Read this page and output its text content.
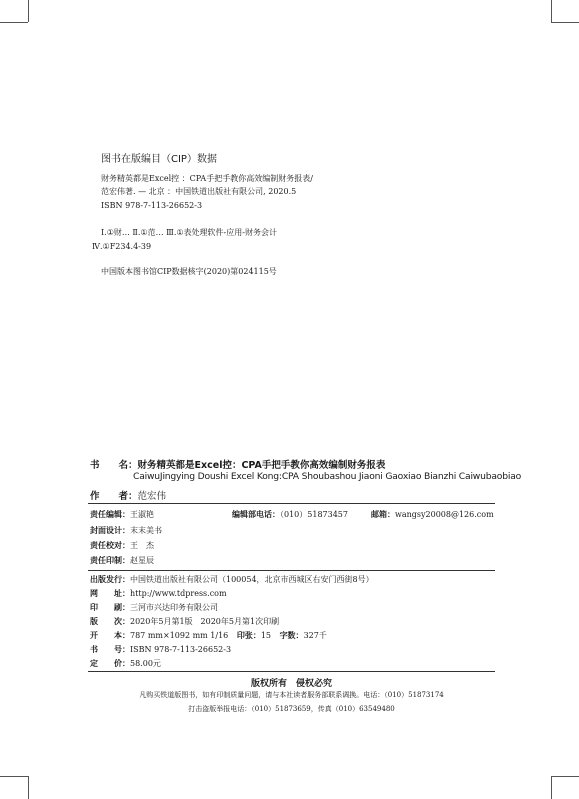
图书在版编目（CIP）数据
财务精英都是Excel控 ：CPA手把手教你高效编制财务报表/
范宏伟著. — 北京 ：中国铁道出版社有限公司, 2020.5
ISBN 978-7-113-26652-3
Ⅰ.①财… Ⅱ.①范… Ⅲ.①表处理软件-应用-财务会计
Ⅳ.①F234.4-39
中国版本图书馆CIP数据核字(2020)第024115号
书　　名：财务精英都是Excel控：CPA手把手教你高效编制财务报表
CaiwuJingying Doushi Excel Kong:CPA Shoubashou Jiaoni Gaoxiao Bianzhi Caiwubaobiao
作　　者：范宏伟
责任编辑：王淑艳	编辑部电话：（010）51873457	邮箱：wangsy20008@126.com
封面设计：末末美书
责任校对：王　杰
责任印制：赵星辰
出版发行：中国铁道出版社有限公司（100054，北京市西城区右安门西街8号）
网　　址：http://www.tdpress.com
印　　刷：三河市兴达印务有限公司
版　　次：2020年5月第1版　2020年5月第1次印刷
开　　本：787 mm×1092 mm 1/16 印张：15 字数：327千
书　　号：ISBN 978-7-113-26652-3
定　　价：58.00元
版权所有　侵权必究
凡购买铁道版图书，如有印制质量问题，请与本社读者服务部联系调换。电话：（010）51873174
打击盗版举报电话：（010）51873659，传真（010）63549480
